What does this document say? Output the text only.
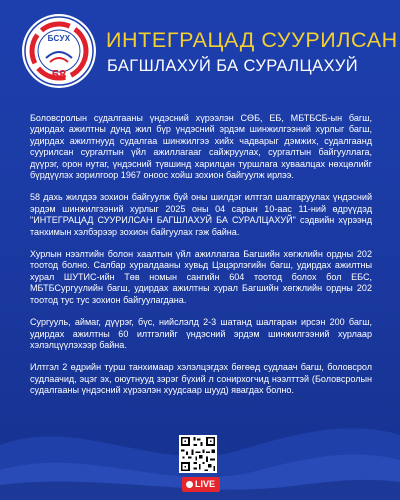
БСУХ
58
ИНТЕГРАЦАД СУУРИЛСАН
БАГШЛАХУЙ БА СУРАЛЦАХУЙ

Боловсролын судалгааны үндэсний хүрээлэн СӨБ, ЕБ, МБТБСБ-ын багш, удирдах ажилтны дунд жил бүр үндэсний эрдэм шинжилгээний хурлыг багш, удирдах ажилтнууд судалгаа шинжилгээ хийх чадварыг дэмжих, судалгаанд суурилсан сургалтын үйл ажиллагааг сайжруулах, сургалтын байгууллага, дүүрэг, орон нутаг, үндэсний түвшинд харилцан туршлага хуваалцах нөхцөлийг бүрдүүлэх зорилгоор 1967 оноос хойш зохион байгуулж ирлээ.

58 дахь жилдээ зохион байгуулж буй оны шилдэг илтгэл шалгаруулах үндэсний эрдэм шинжилгээний хурлыг 2025 оны 04 сарын 10-аас 11-ний өдрүүдэд "ИНТЕГРАЦАД СУУРИЛСАН БАГШЛАХУЙ БА СУРАЛЦАХУЙ" сэдвийн хүрээнд танхимын хэлбэрээр зохион байгуулах гэж байна.

Хурлын нээлтийн болон хаалтын үйл ажиллагаа Багшийн хөгжлийн ордны 202 тоотод болно. Салбар хуралдааны хувьд Цэцэрлэгийн багш, удирдах ажилтны хурал ШУТИС-ийн Төв номын сангийн 604 тоотод болох бол ЕБС, МБТБСургуулийн багш, удирдах ажилтны хурал Багшийн хөгжлийн ордны 202 тоотод тус тус зохион байгуулагдана.

Сургууль, аймаг, дүүрэг, бүс, нийслэлд 2-3 шатанд шалгаран ирсэн 200 багш, удирдах ажилтны 60 илтгэлийг үндэсний эрдэм шинжилгээний хурлаар хэлэлцүүлэхээр байна.

Илтгэл 2 өдрийн турш танхимаар хэлэлцэгдэх бөгөөд судлаач багш, боловсрол судлаачид, эцэг эх, оюутнууд зэрэг бүхий л сонирхогчид нээлттэй (Боловсролын судалгааны үндэсний хүрээлэн хуудсаар шууд) явагдах болно.

LIVE
